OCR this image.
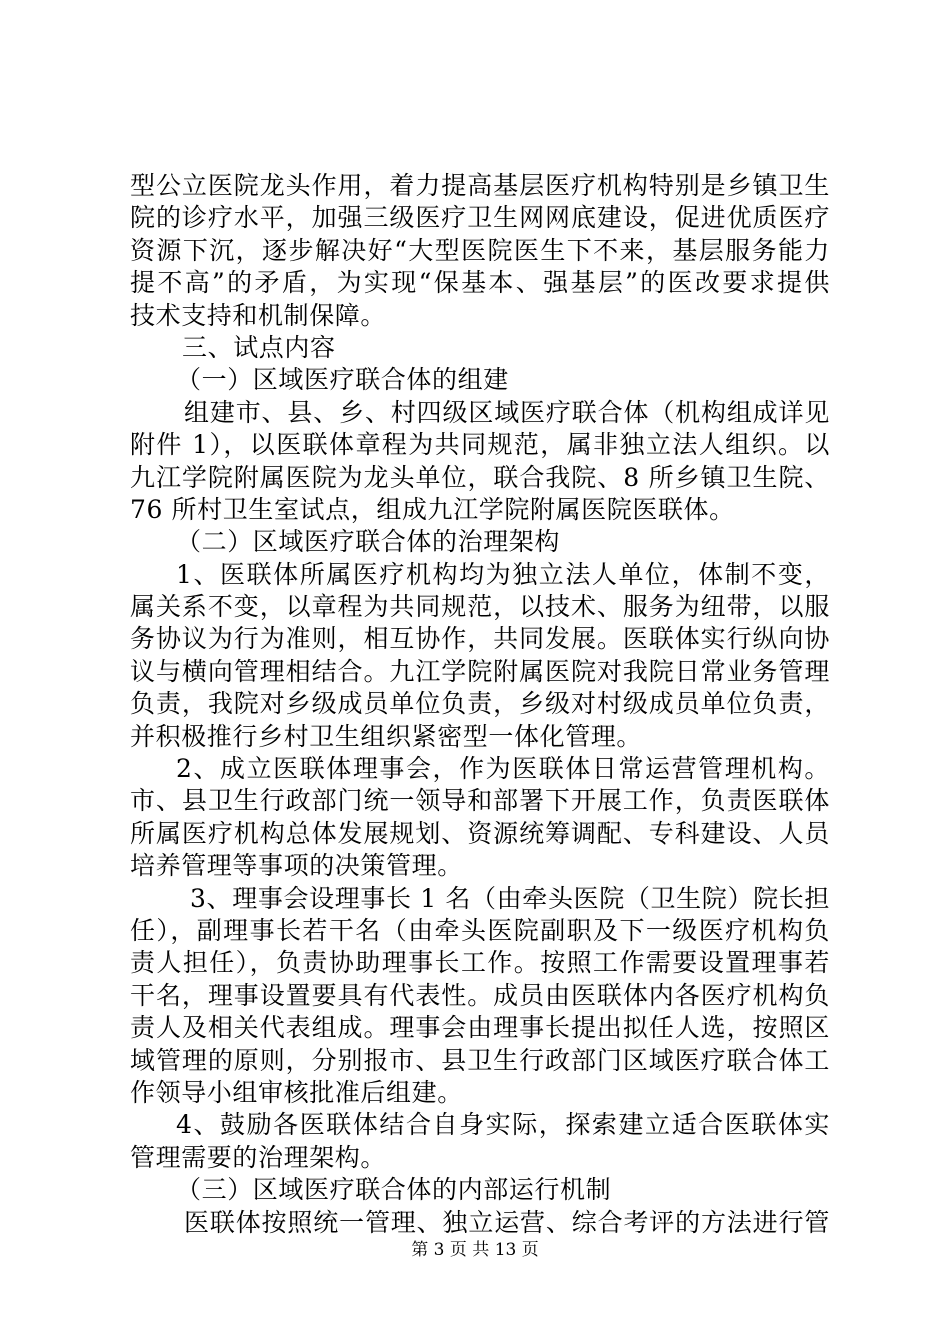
型公立医院龙头作用，着力提高基层医疗机构特别是乡镇卫生
院的诊疗水平，加强三级医疗卫生网网底建设，促进优质医疗
资源下沉，逐步解决好“大型医院医生下不来，基层服务能力
提不高”的矛盾，为实现“保基本、强基层”的医改要求提供
技术支持和机制保障。
三、试点内容
（一）区域医疗联合体的组建
组建市、县、乡、村四级区域医疗联合体（机构组成详见
附件 1），以医联体章程为共同规范，属非独立法人组织。以
九江学院附属医院为龙头单位，联合我院、8 所乡镇卫生院、
76 所村卫生室试点，组成九江学院附属医院医联体。
（二）区域医疗联合体的治理架构
1、医联体所属医疗机构均为独立法人单位，体制不变，
属关系不变，以章程为共同规范，以技术、服务为纽带，以服
务协议为行为准则，相互协作，共同发展。医联体实行纵向协
议与横向管理相结合。九江学院附属医院对我院日常业务管理
负责，我院对乡级成员单位负责，乡级对村级成员单位负责，
并积极推行乡村卫生组织紧密型一体化管理。
2、成立医联体理事会，作为医联体日常运营管理机构。
市、县卫生行政部门统一领导和部署下开展工作，负责医联体
所属医疗机构总体发展规划、资源统筹调配、专科建设、人员
培养管理等事项的决策管理。
3、理事会设理事长 1 名（由牵头医院（卫生院）院长担
任），副理事长若干名（由牵头医院副职及下一级医疗机构负
责人担任），负责协助理事长工作。按照工作需要设置理事若
干名，理事设置要具有代表性。成员由医联体内各医疗机构负
责人及相关代表组成。理事会由理事长提出拟任人选，按照区
域管理的原则，分别报市、县卫生行政部门区域医疗联合体工
作领导小组审核批准后组建。
4、鼓励各医联体结合自身实际，探索建立适合医联体实
管理需要的治理架构。
（三）区域医疗联合体的内部运行机制
医联体按照统一管理、独立运营、综合考评的方法进行管
第 3 页 共 13 页
